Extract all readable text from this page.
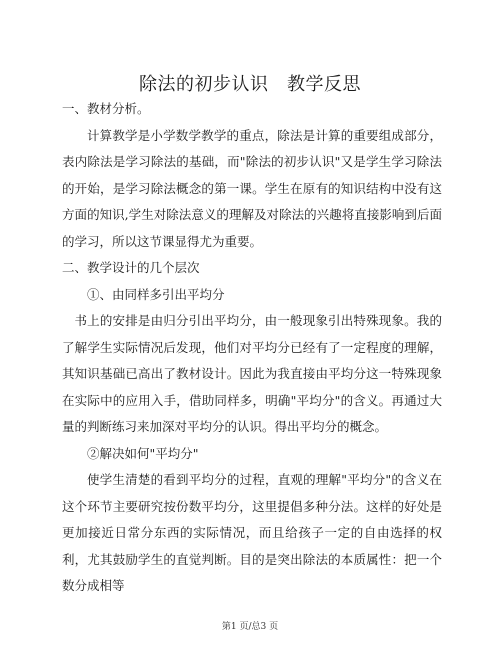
除法的初步认识　教学反思

一、教材分析。

计算教学是小学数学教学的重点，除法是计算的重要组成部分，表内除法是学习除法的基础，而"除法的初步认识"又是学生学习除法的开始，是学习除法概念的第一课。学生在原有的知识结构中没有这方面的知识,学生对除法意义的理解及对除法的兴趣将直接影响到后面的学习，所以这节课显得尤为重要。

二、教学设计的几个层次

①、由同样多引出平均分

书上的安排是由归分引出平均分，由一般现象引出特殊现象。我的了解学生实际情况后发现，他们对平均分已经有了一定程度的理解，其知识基础已高出了教材设计。因此为我直接由平均分这一特殊现象在实际中的应用入手，借助同样多，明确"平均分"的含义。再通过大量的判断练习来加深对平均分的认识。得出平均分的概念。

②解决如何"平均分"

使学生清楚的看到平均分的过程，直观的理解"平均分"的含义在这个环节主要研究按份数平均分，这里提倡多种分法。这样的好处是更加接近日常分东西的实际情况，而且给孩子一定的自由选择的权利，尤其鼓励学生的直觉判断。目的是突出除法的本质属性：把一个数分成相等

第1 页/总3 页
